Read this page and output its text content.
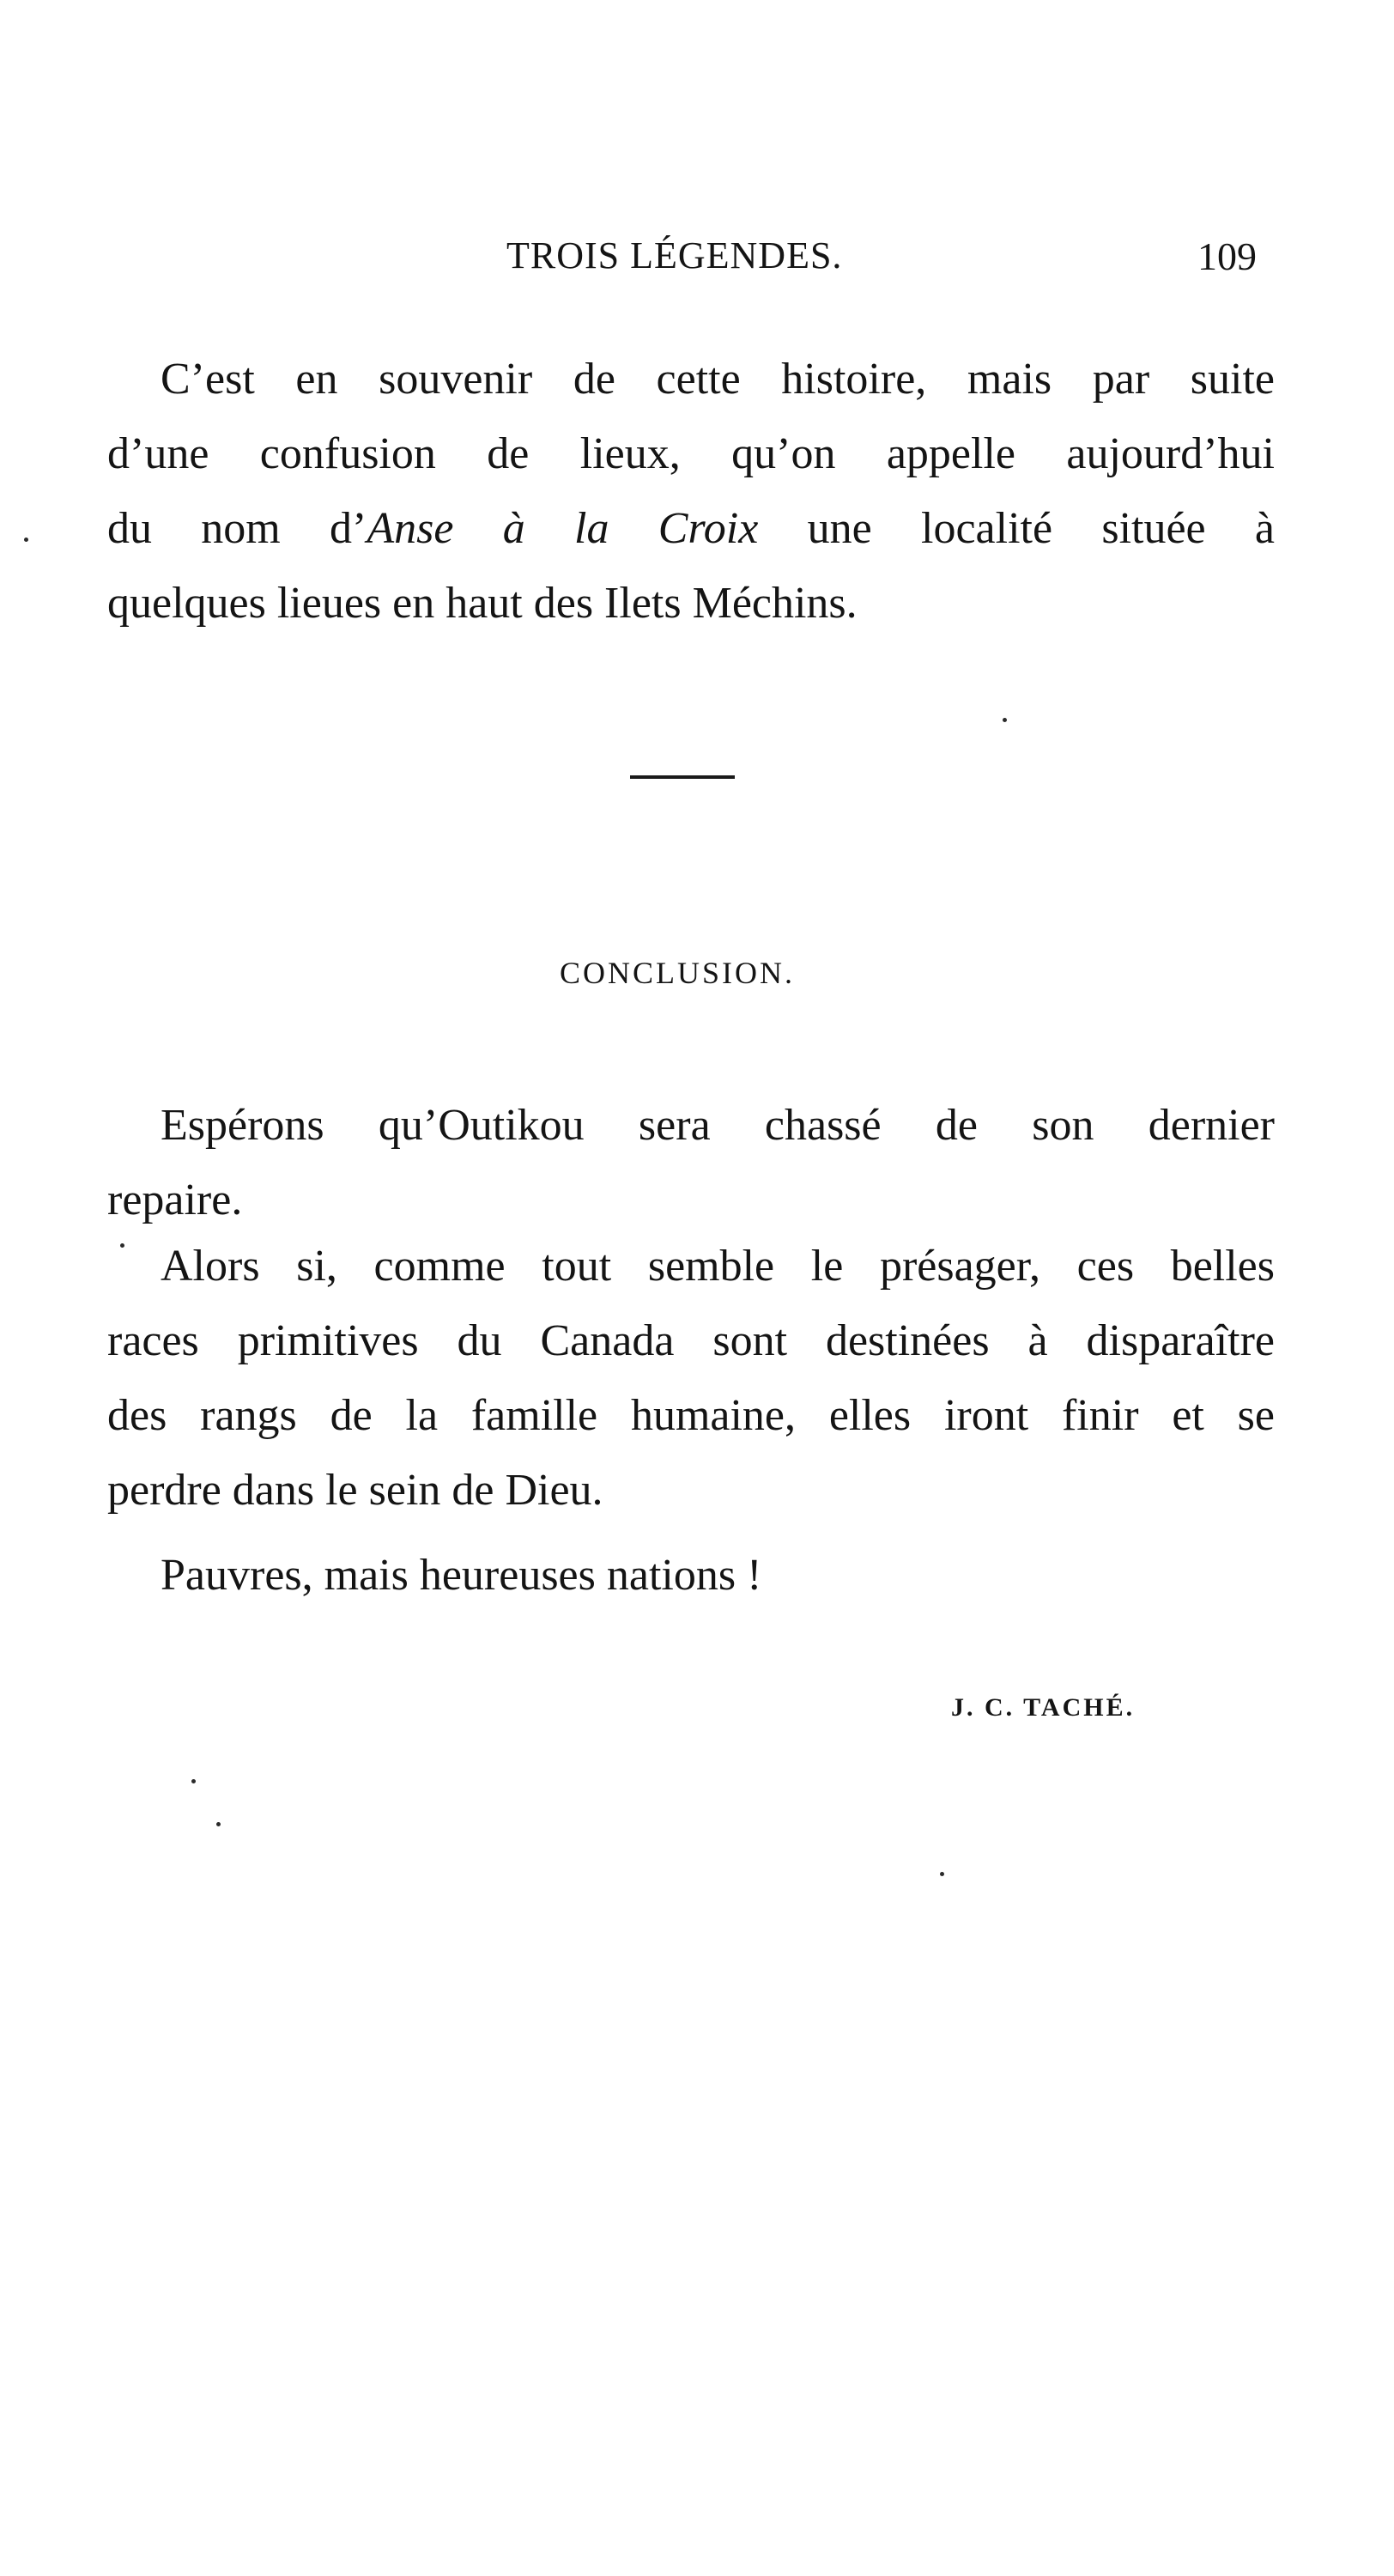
TROIS LÉGENDES.	109
C’est en souvenir de cette histoire, mais par suite
d’une confusion de lieux, qu’on appelle aujourd’hui
du nom d’Anse à la Croix une localité située à
quelques lieues en haut des Ilets Méchins.
CONCLUSION.
Espérons qu’Outikou sera chassé de son dernier
repaire.
Alors si, comme tout semble le présager, ces belles
races primitives du Canada sont destinées à disparaître
des rangs de la famille humaine, elles iront finir et se
perdre dans le sein de Dieu.
Pauvres, mais heureuses nations !
J. C. TACHÉ.
